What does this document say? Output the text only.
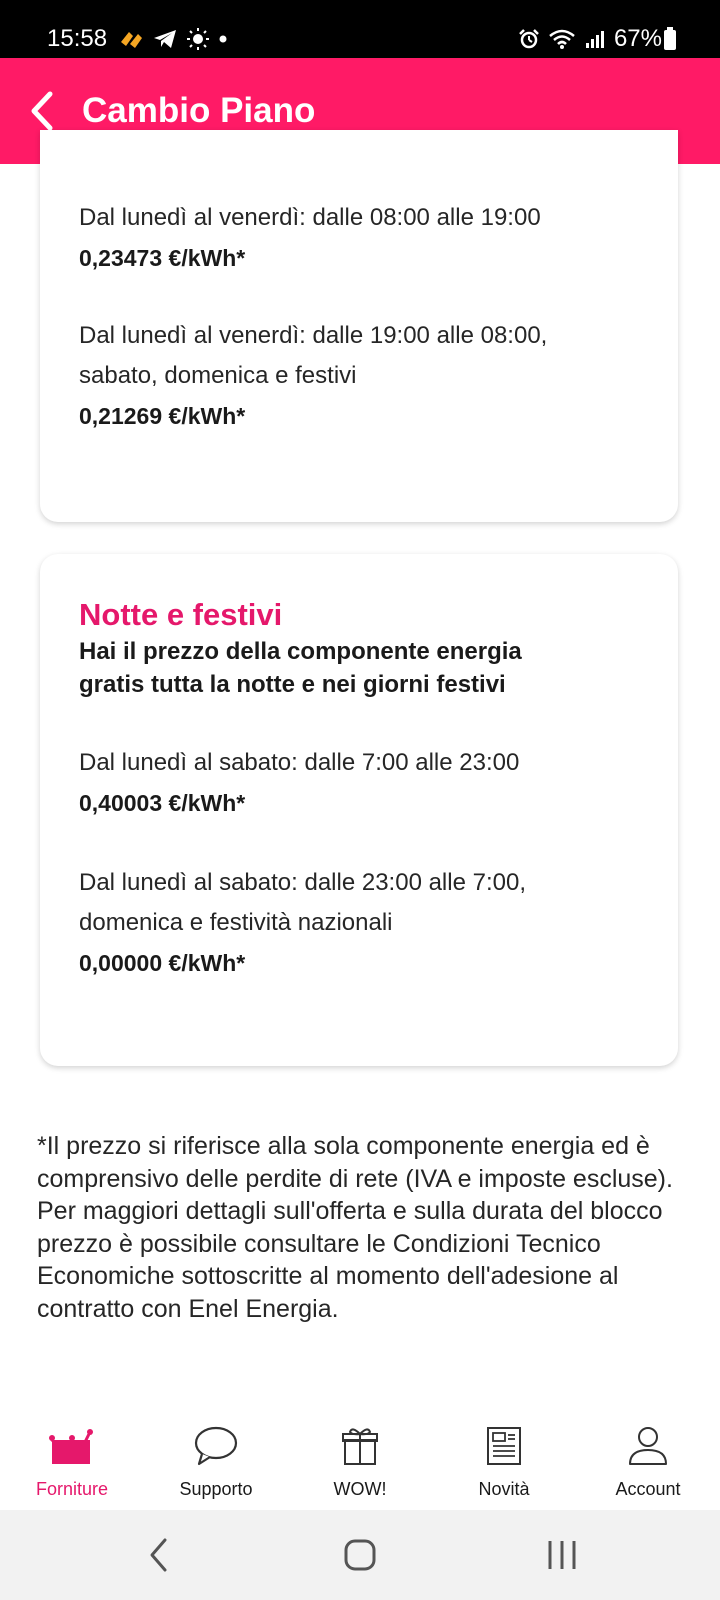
15:58	67%
Cambio Piano
Dal lunedì al venerdì: dalle 08:00 alle 19:00
0,23473 €/kWh*
Dal lunedì al venerdì: dalle 19:00 alle 08:00,
sabato, domenica e festivi
0,21269 €/kWh*
Notte e festivi
Hai il prezzo della componente energia
gratis tutta la notte e nei giorni festivi
Dal lunedì al sabato: dalle 7:00 alle 23:00
0,40003 €/kWh*
Dal lunedì al sabato: dalle 23:00 alle 7:00,
domenica e festività nazionali
0,00000 €/kWh*
*Il prezzo si riferisce alla sola componente energia ed è comprensivo delle perdite di rete (IVA e imposte escluse). Per maggiori dettagli sull'offerta e sulla durata del blocco prezzo è possibile consultare le Condizioni Tecnico Economiche sottoscritte al momento dell'adesione al contratto con Enel Energia.
Forniture	Supporto	WOW!	Novità	Account
